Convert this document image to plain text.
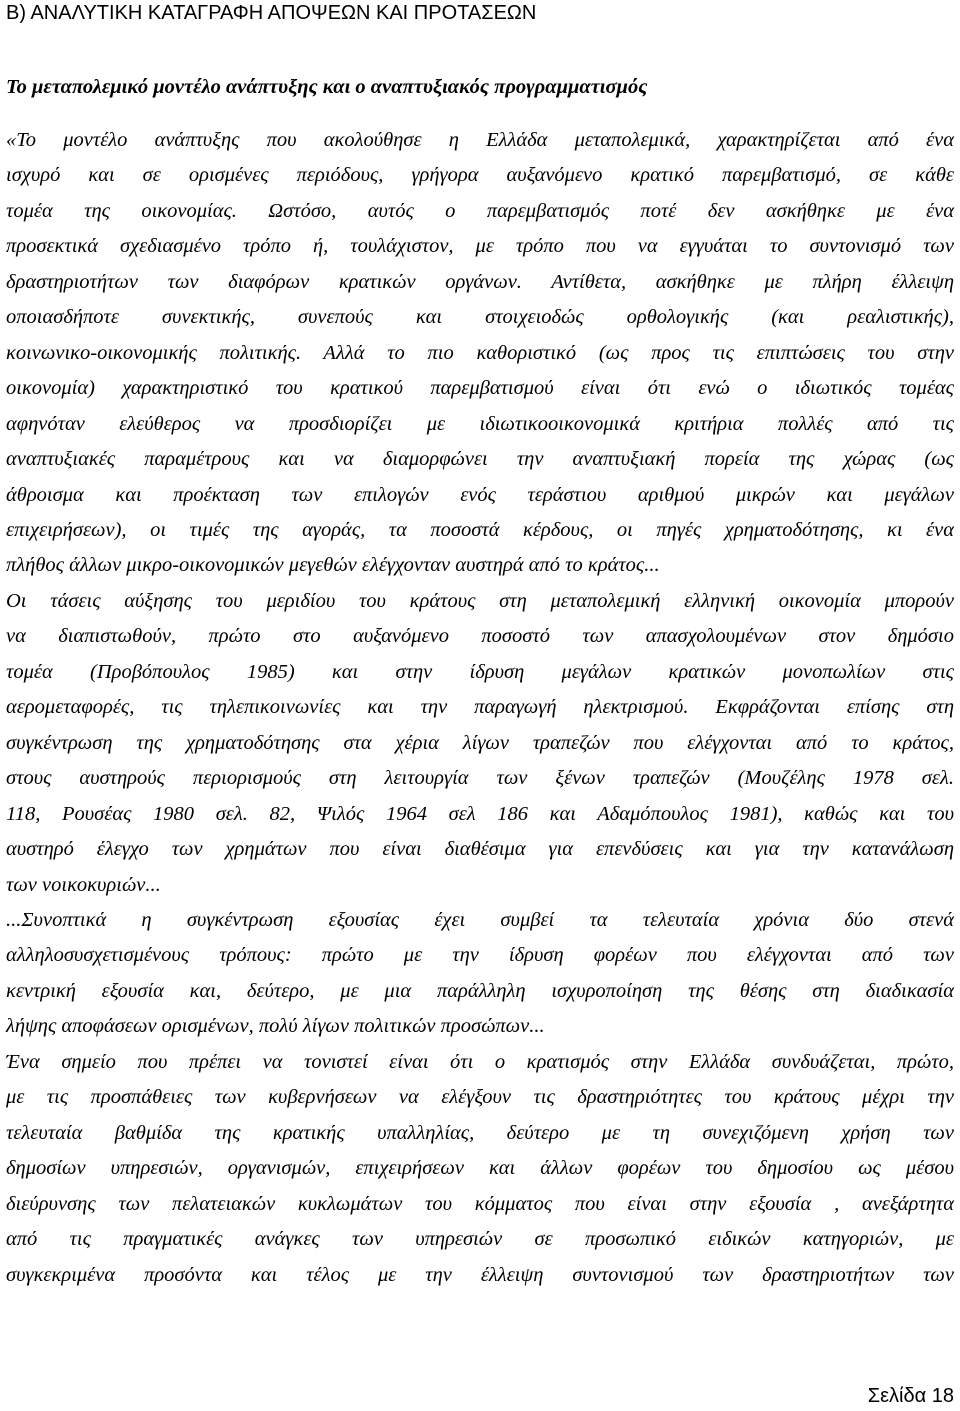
Β) ΑΝΑΛΥΤΙΚΗ ΚΑΤΑΓΡΑΦΗ ΑΠΟΨΕΩΝ ΚΑΙ ΠΡΟΤΑΣΕΩΝ
Το μεταπολεμικό μοντέλο ανάπτυξης και ο αναπτυξιακός προγραμματισμός
«Το μοντέλο ανάπτυξης που ακολούθησε η Ελλάδα μεταπολεμικά, χαρακτηρίζεται από ένα
ισχυρό και σε ορισμένες περιόδους, γρήγορα αυξανόμενο κρατικό παρεμβατισμό, σε κάθε
τομέα της οικονομίας. Ωστόσο, αυτός ο παρεμβατισμός ποτέ δεν ασκήθηκε με ένα
προσεκτικά σχεδιασμένο τρόπο ή, τουλάχιστον, με τρόπο που να εγγυάται το συντονισμό των
δραστηριοτήτων των διαφόρων κρατικών οργάνων. Αντίθετα, ασκήθηκε με πλήρη έλλειψη
οποιασδήποτε συνεκτικής, συνεπούς και στοιχειοδώς ορθολογικής (και ρεαλιστικής),
κοινωνικο-οικονομικής πολιτικής. Αλλά το πιο καθοριστικό (ως προς τις επιπτώσεις του στην
οικονομία) χαρακτηριστικό του κρατικού παρεμβατισμού είναι ότι ενώ ο ιδιωτικός τομέας
αφηνόταν ελεύθερος να προσδιορίζει με ιδιωτικοοικονομικά κριτήρια πολλές από τις
αναπτυξιακές παραμέτρους και να διαμορφώνει την αναπτυξιακή πορεία της χώρας (ως
άθροισμα και προέκταση των επιλογών ενός τεράστιου αριθμού μικρών και μεγάλων
επιχειρήσεων), οι τιμές της αγοράς, τα ποσοστά κέρδους, οι πηγές χρηματοδότησης, κι ένα
πλήθος άλλων μικρο-οικονομικών μεγεθών ελέγχονταν αυστηρά από το κράτος...
Οι τάσεις αύξησης του μεριδίου του κράτους στη μεταπολεμική ελληνική οικονομία μπορούν
να διαπιστωθούν, πρώτο στο αυξανόμενο ποσοστό των απασχολουμένων στον δημόσιο
τομέα (Προβόπουλος 1985) και στην ίδρυση μεγάλων κρατικών μονοπωλίων στις
αερομεταφορές, τις τηλεπικοινωνίες και την παραγωγή ηλεκτρισμού. Εκφράζονται επίσης στη
συγκέντρωση της χρηματοδότησης στα χέρια λίγων τραπεζών που ελέγχονται από το κράτος,
στους αυστηρούς περιορισμούς στη λειτουργία των ξένων τραπεζών (Μουζέλης 1978 σελ.
118, Ρουσέας 1980 σελ. 82, Ψιλός 1964 σελ 186 και Αδαμόπουλος 1981), καθώς και του
αυστηρό έλεγχο των χρημάτων που είναι διαθέσιμα για επενδύσεις και για την κατανάλωση
των νοικοκυριών...
...Συνοπτικά η συγκέντρωση εξουσίας έχει συμβεί τα τελευταία χρόνια δύο στενά
αλληλοσυσχετισμένους τρόπους: πρώτο με την ίδρυση φορέων που ελέγχονται από των
κεντρική εξουσία και, δεύτερο, με μια παράλληλη ισχυροποίηση της θέσης στη διαδικασία
λήψης αποφάσεων ορισμένων, πολύ λίγων πολιτικών προσώπων...
Ένα σημείο που πρέπει να τονιστεί είναι ότι ο κρατισμός στην Ελλάδα συνδυάζεται, πρώτο,
με τις προσπάθειες των κυβερνήσεων να ελέγξουν τις δραστηριότητες του κράτους μέχρι την
τελευταία βαθμίδα της κρατικής υπαλληλίας, δεύτερο με τη συνεχιζόμενη χρήση των
δημοσίων υπηρεσιών, οργανισμών, επιχειρήσεων και άλλων φορέων του δημοσίου ως μέσου
διεύρυνσης των πελατειακών κυκλωμάτων του κόμματος που είναι στην εξουσία , ανεξάρτητα
από τις πραγματικές ανάγκες των υπηρεσιών σε προσωπικό ειδικών κατηγοριών, με
συγκεκριμένα προσόντα και τέλος με την έλλειψη συντονισμού των δραστηριοτήτων των
Σελίδα 18
